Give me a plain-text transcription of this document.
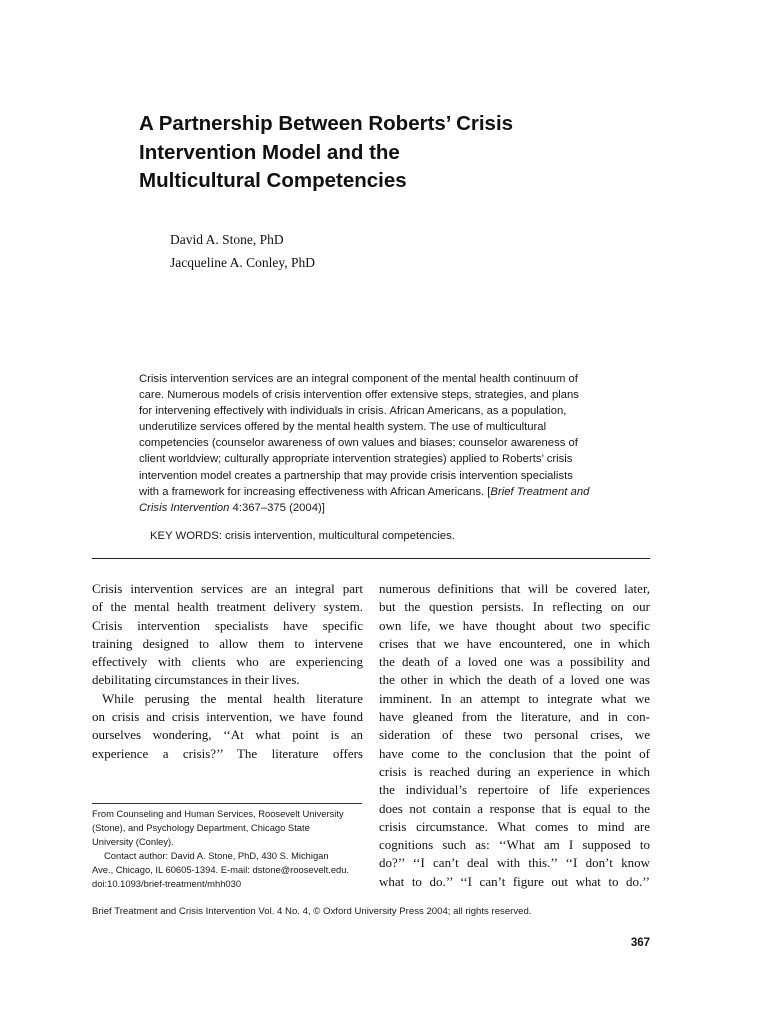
A Partnership Between Roberts’ Crisis
Intervention Model and the
Multicultural Competencies
David A. Stone, PhD
Jacqueline A. Conley, PhD
Crisis intervention services are an integral component of the mental health continuum of
care. Numerous models of crisis intervention offer extensive steps, strategies, and plans
for intervening effectively with individuals in crisis. African Americans, as a population,
underutilize services offered by the mental health system. The use of multicultural
competencies (counselor awareness of own values and biases; counselor awareness of
client worldview; culturally appropriate intervention strategies) applied to Roberts’ crisis
intervention model creates a partnership that may provide crisis intervention specialists
with a framework for increasing effectiveness with African Americans. [Brief Treatment and
Crisis Intervention 4:367–375 (2004)]
KEY WORDS: crisis intervention, multicultural competencies.
Crisis intervention services are an integral part
of the mental health treatment delivery system.
Crisis intervention specialists have specific
training designed to allow them to intervene
effectively with clients who are experiencing
debilitating circumstances in their lives.
While perusing the mental health literature
on crisis and crisis intervention, we have found
ourselves wondering, ‘‘At what point is an
experience a crisis?’’ The literature offers
numerous definitions that will be covered later,
but the question persists. In reflecting on our
own life, we have thought about two specific
crises that we have encountered, one in which
the death of a loved one was a possibility and
the other in which the death of a loved one was
imminent. In an attempt to integrate what we
have gleaned from the literature, and in con-
sideration of these two personal crises, we
have come to the conclusion that the point of
crisis is reached during an experience in which
the individual’s repertoire of life experiences
does not contain a response that is equal to the
crisis circumstance. What comes to mind are
cognitions such as: ‘‘What am I supposed to
do?’’ ‘‘I can’t deal with this.’’ ‘‘I don’t know
what to do.’’ ‘‘I can’t figure out what to do.’’
From Counseling and Human Services, Roosevelt University
(Stone), and Psychology Department, Chicago State
University (Conley).
Contact author: David A. Stone, PhD, 430 S. Michigan
Ave., Chicago, IL 60605-1394. E-mail: dstone@roosevelt.edu.
doi:10.1093/brief-treatment/mhh030
Brief Treatment and Crisis Intervention Vol. 4 No. 4, © Oxford University Press 2004; all rights reserved.
367
